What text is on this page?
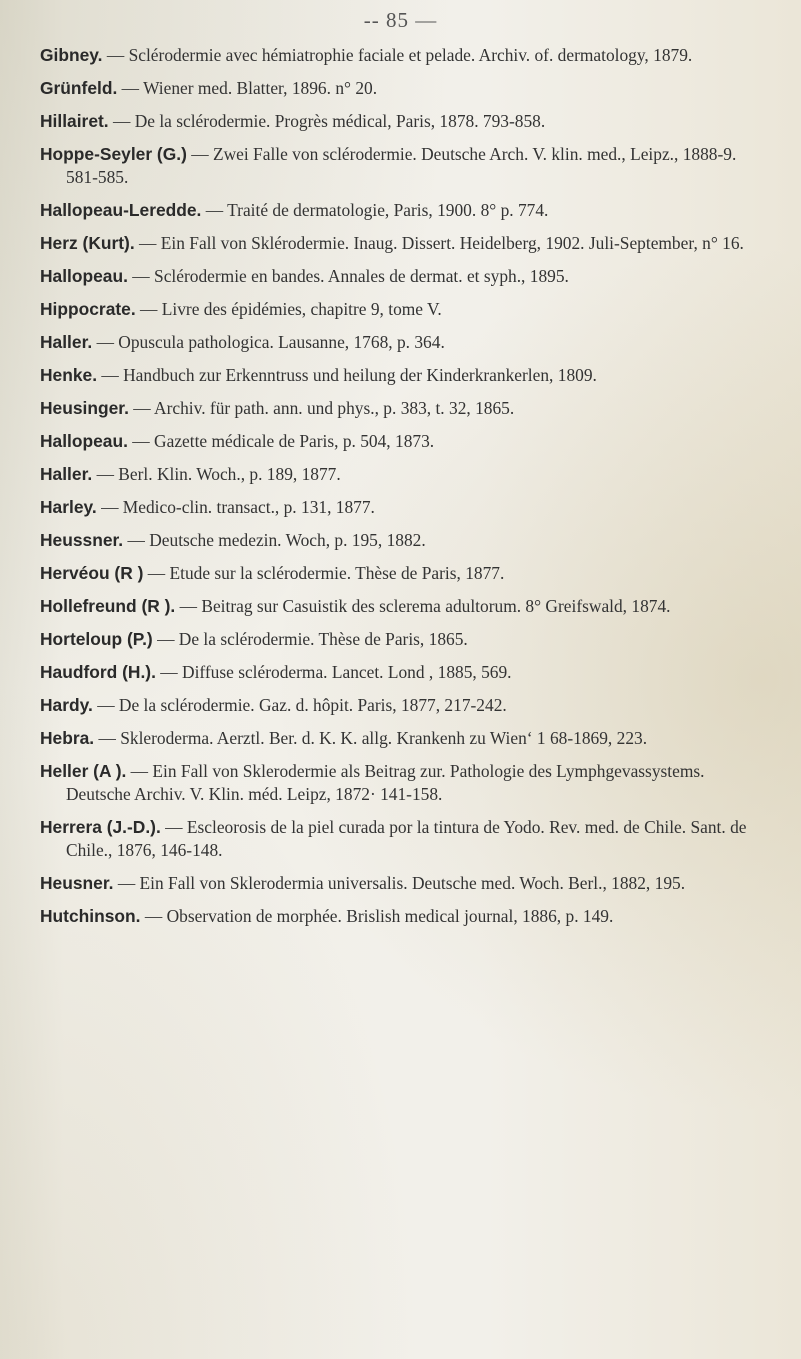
-- 85 —
Gibney. — Sclérodermie avec hémiatrophie faciale et pelade. Archiv. of. dermatology, 1879.
Grünfeld. — Wiener med. Blatter, 1896. n° 20.
Hillairet. — De la sclérodermie. Progrès médical, Paris, 1878. 793-858.
Hoppe-Seyler (G.) — Zwei Falle von sclérodermie. Deutsche Arch. V. klin. med., Leipz., 1888-9. 581-585.
Hallopeau-Leredde. — Traité de dermatologie, Paris, 1900. 8° p. 774.
Herz (Kurt). — Ein Fall von Sklérodermie. Inaug. Dissert. Heidelberg, 1902. Juli-September, n° 16.
Hallopeau. — Sclérodermie en bandes. Annales de dermat. et syph., 1895.
Hippocrate. — Livre des épidémies, chapitre 9, tome V.
Haller. — Opuscula pathologica. Lausanne, 1768, p. 364.
Henke. — Handbuch zur Erkenntruss und heilung der Kinderkrankerlen, 1809.
Heusinger. — Archiv. für path. ann. und phys., p. 383, t. 32, 1865.
Hallopeau. — Gazette médicale de Paris, p. 504, 1873.
Haller. — Berl. Klin. Woch., p. 189, 1877.
Harley. — Medico-clin. transact., p. 131, 1877.
Heussner. — Deutsche medezin. Woch, p. 195, 1882.
Hervéou (R ) — Etude sur la sclérodermie. Thèse de Paris, 1877.
Hollefreund (R ). — Beitrag sur Casuistik des sclerema adultorum. 8° Greifswald, 1874.
Horteloup (P.) — De la sclérodermie. Thèse de Paris, 1865.
Haudford (H.). — Diffuse scléroderma. Lancet. Lond , 1885, 569.
Hardy. — De la sclérodermie. Gaz. d. hôpit. Paris, 1877, 217-242.
Hebra. — Skleroderma. Aerztl. Ber. d. K. K. allg. Krankenh zu Wien‘ 1 68-1869, 223.
Heller (A ). — Ein Fall von Sklerodermie als Beitrag zur. Pathologie des Lymphgevassystems. Deutsche Archiv. V. Klin. méd. Leipz, 1872· 141-158.
Herrera (J.-D.). — Escleorosis de la piel curada por la tintura de Yodo. Rev. med. de Chile. Sant. de Chile., 1876, 146-148.
Heusner. — Ein Fall von Sklerodermia universalis. Deutsche med. Woch. Berl., 1882, 195.
Hutchinson. — Observation de morphée. Brislish medical journal, 1886, p. 149.
